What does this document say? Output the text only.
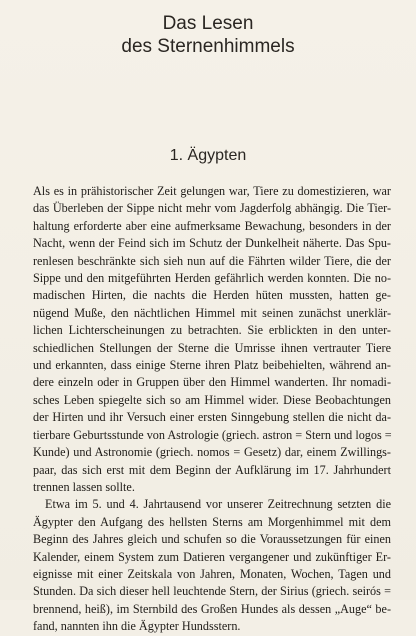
Das Lesen
des Sternenhimmels
1. Ägypten
Als es in prähistorischer Zeit gelungen war, Tiere zu domestizieren, war
das Überleben der Sippe nicht mehr vom Jagderfolg abhängig. Die Tier-
haltung erforderte aber eine aufmerksame Bewachung, besonders in der
Nacht, wenn der Feind sich im Schutz der Dunkelheit näherte. Das Spu-
renlesen beschränkte sich sieh nun auf die Fährten wilder Tiere, die der
Sippe und den mitgeführten Herden gefährlich werden konnten. Die no-
madischen Hirten, die nachts die Herden hüten mussten, hatten ge-
nügend Muße, den nächtlichen Himmel mit seinen zunächst unerklär-
lichen Lichterscheinungen zu betrachten. Sie erblickten in den unter-
schiedlichen Stellungen der Sterne die Umrisse ihnen vertrauter Tiere
und erkannten, dass einige Sterne ihren Platz beibehielten, während an-
dere einzeln oder in Gruppen über den Himmel wanderten. Ihr nomadi-
sches Leben spiegelte sich so am Himmel wider. Diese Beobachtungen
der Hirten und ihr Versuch einer ersten Sinngebung stellen die nicht da-
tierbare Geburtsstunde von Astrologie (griech. astron = Stern und logos =
Kunde) und Astronomie (griech. nomos = Gesetz) dar, einem Zwillings-
paar, das sich erst mit dem Beginn der Aufklärung im 17. Jahrhundert
trennen lassen sollte.
Etwa im 5. und 4. Jahrtausend vor unserer Zeitrechnung setzten die
Ägypter den Aufgang des hellsten Sterns am Morgenhimmel mit dem
Beginn des Jahres gleich und schufen so die Voraussetzungen für einen
Kalender, einem System zum Datieren vergangener und zukünftiger Er-
eignisse mit einer Zeitskala von Jahren, Monaten, Wochen, Tagen und
Stunden. Da sich dieser hell leuchtende Stern, der Sirius (griech. seirós =
brennend, heiß), im Sternbild des Großen Hundes als dessen „Auge“ be-
fand, nannten ihn die Ägypter Hundsstern.
